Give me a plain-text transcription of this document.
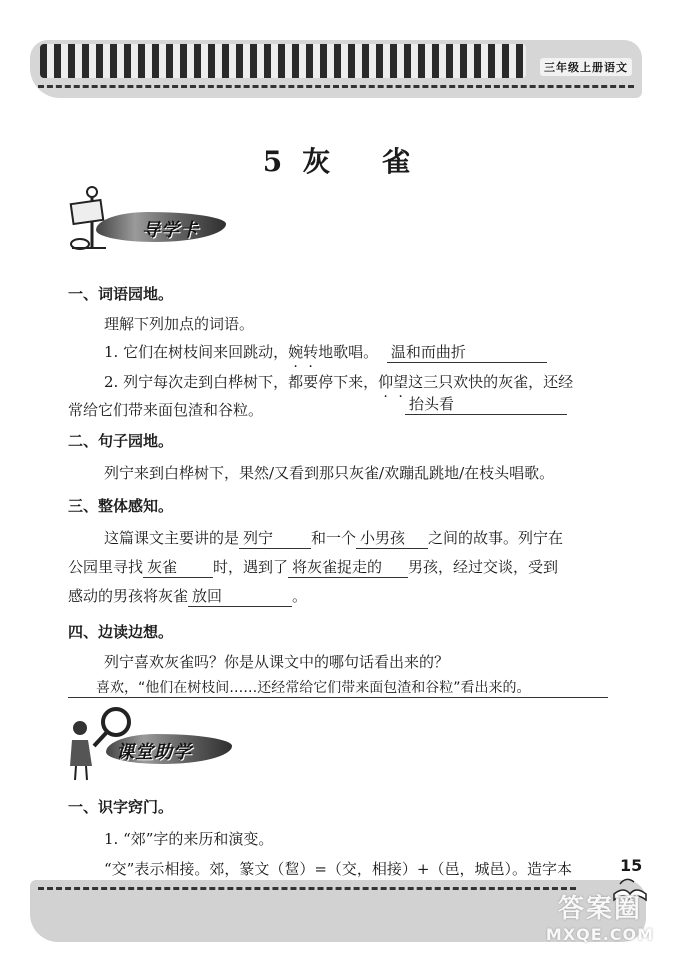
三年级上册语文
5 灰 雀
导学卡
一、词语园地。
理解下列加点的词语。
1. 它们在树枝间来回跳动，婉转地歌唱。 温和而曲折
2. 列宁每次走到白桦树下，都要停下来，仰望这三只欢快的灰雀，还经
常给它们带来面包渣和谷粒。	抬头看
二、句子园地。
列宁来到白桦树下，果然/又看到那只灰雀/欢蹦乱跳地/在枝头唱歌。
三、整体感知。
这篇课文主要讲的是 列宁	和一个 小男孩 之间的故事。列宁在
公园里寻找 灰雀 时，遇到了 将灰雀捉走的 男孩，经过交谈，受到
感动的男孩将灰雀 放回	。
四、边读边想。
列宁喜欢灰雀吗？你是从课文中的哪句话看出来的？
喜欢，“他们在树枝间……还经常给它们带来面包渣和谷粒”看出来的。
课堂助学
一、识字窍门。
1. “郊”字的来历和演变。
“交”表示相接。郊，篆文（𨛫）=（交，相接）+（邑，城邑）。造字本	15
答案圈
MXQE.COM
